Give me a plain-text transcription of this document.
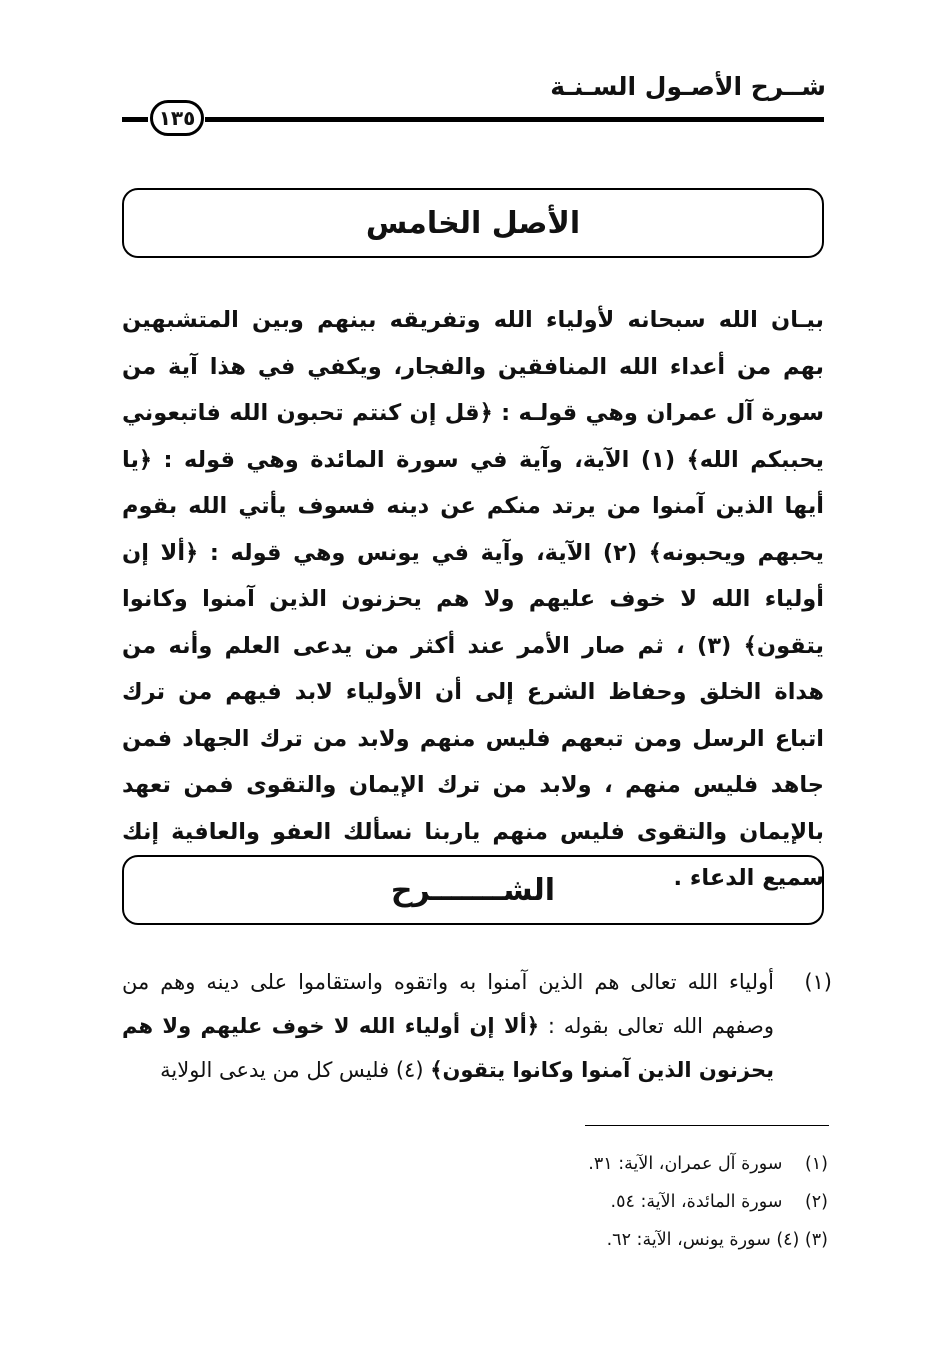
شــرح الأصـول السـنـة
١٣٥
الأصل الخامس

بيـان الله سبحانه لأولياء الله وتفريقه بينهم وبين المتشبهين بهم من أعداء الله المنافقين والفجار، ويكفي في هذا آية من سورة آل عمران وهي قولـه : ﴿قل إن كنتم تحبون الله فاتبعوني يحببكم الله﴾ (١) الآية، وآية في سورة المائدة وهي قوله : ﴿يا أيها الذين آمنوا من يرتد منكم عن دينه فسوف يأتي الله بقوم يحبهم ويحبونه﴾ (٢) الآية، وآية في يونس وهي قوله : ﴿ألا إن أولياء الله لا خوف عليهم ولا هم يحزنون الذين آمنوا وكانوا يتقون﴾ (٣) ، ثم صار الأمر عند أكثر من يدعى العلم وأنه من هداة الخلق وحفاظ الشرع إلى أن الأولياء لابد فيهم من ترك اتباع الرسل ومن تبعهم فليس منهم ولابد من ترك الجهاد فمن جاهد فليس منهم ، ولابد من ترك الإيمان والتقوى فمن تعهد بالإيمان والتقوى فليس منهم ياربنا نسألك العفو والعافية إنك سميع الدعاء .

الشـــــــرح
(١)

أولياء الله تعالى هم الذين آمنوا به واتقوه واستقاموا على دينه وهم من وصفهم الله تعالى بقوله : ﴿ألا إن أولياء الله لا خوف عليهم ولا هم يحزنون الذين آمنوا وكانوا يتقون﴾ (٤) فليس كل من يدعى الولاية

(١) سورة آل عمران، الآية: ٣١.
(٢) سورة المائدة، الآية: ٥٤.
(٣) (٤) سورة يونس، الآية: ٦٢.
